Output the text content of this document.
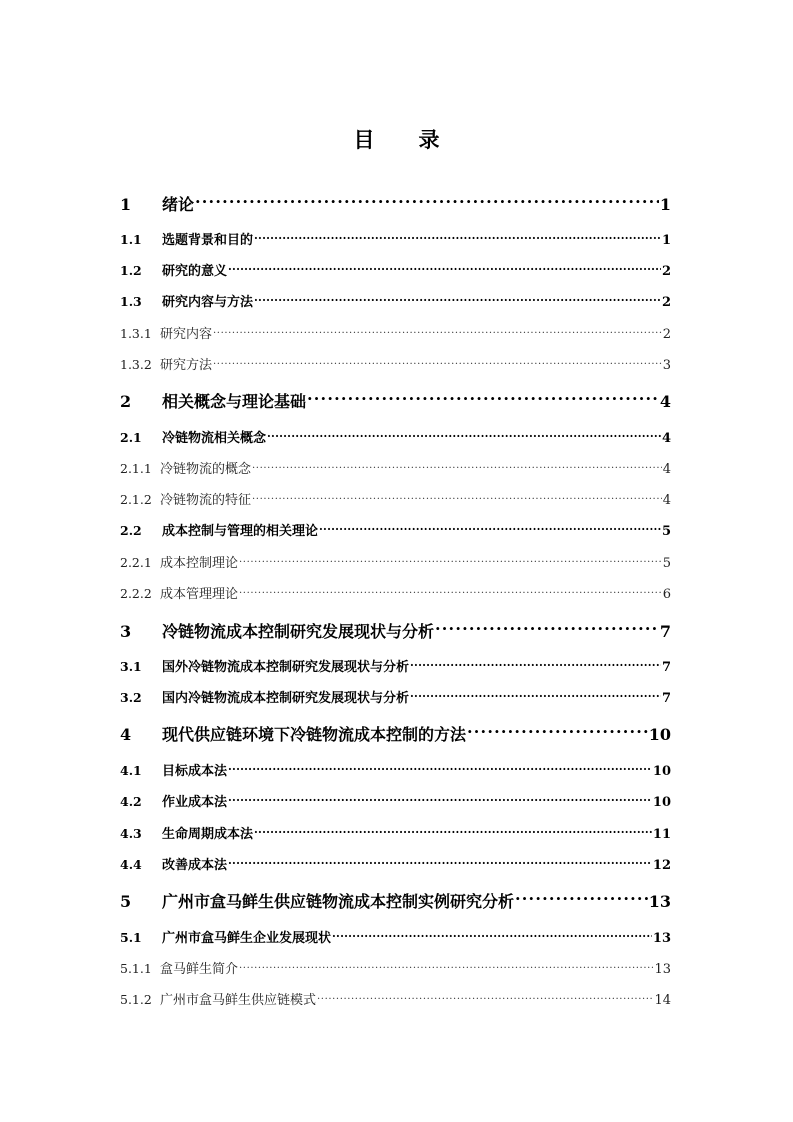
目 录
1	绪论 .....	1
1.1	选题背景和目的 .....	1
1.2	研究的意义 .....	2
1.3	研究内容与方法 .....	2
1.3.1 研究内容 .....	2
1.3.2 研究方法 .....	3
2	相关概念与理论基础 .....	4
2.1	冷链物流相关概念 .....	4
2.1.1 冷链物流的概念 .....	4
2.1.2 冷链物流的特征 .....	4
2.2	成本控制与管理的相关理论 .....	5
2.2.1 成本控制理论 .....	5
2.2.2 成本管理理论 .....	6
3	冷链物流成本控制研究发展现状与分析 .....	7
3.1	国外冷链物流成本控制研究发展现状与分析 .....	7
3.2	国内冷链物流成本控制研究发展现状与分析 .....	7
4	现代供应链环境下冷链物流成本控制的方法 .....	10
4.1	目标成本法 .....	10
4.2	作业成本法 .....	10
4.3	生命周期成本法 .....	11
4.4	改善成本法 .....	12
5	广州市盒马鲜生供应链物流成本控制实例研究分析 .....	13
5.1	广州市盒马鲜生企业发展现状 .....	13
5.1.1 盒马鲜生简介 .....	13
5.1.2 广州市盒马鲜生供应链模式 .....	14
